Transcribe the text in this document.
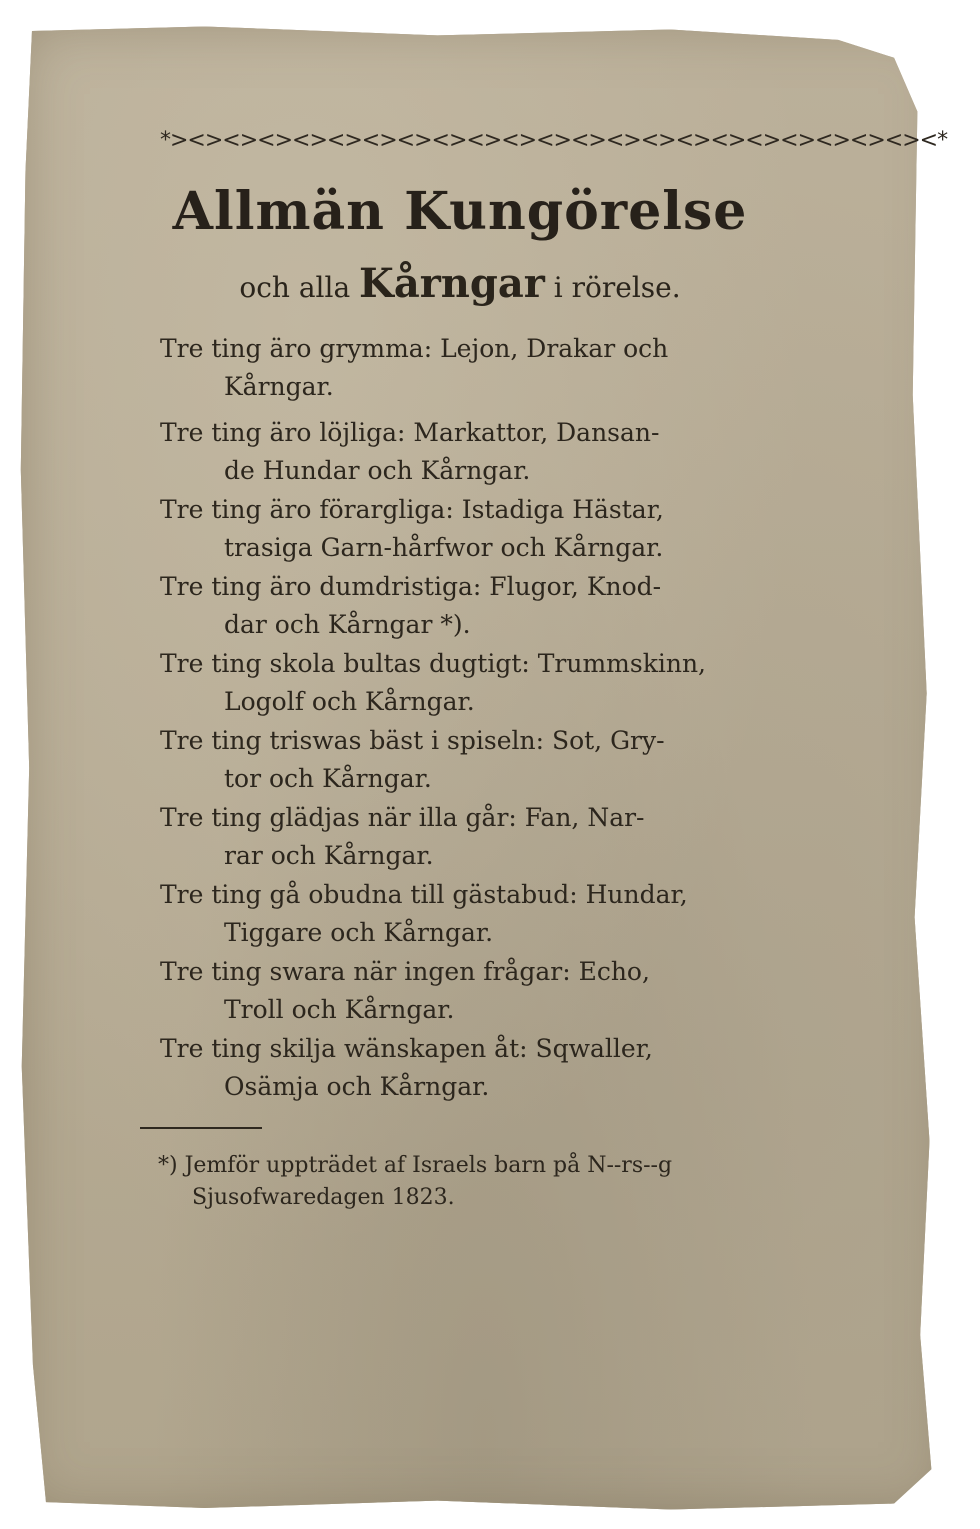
*><><><><><><><><><><><><><><><><><><><><><><*
Allmän Kungörelse
och alla Kårngar i rörelse.

Tre ting äro grymma: Lejon, Drakar och
Kårngar.

Tre ting äro löjliga: Markattor, Dansan-
de Hundar och Kårngar.

Tre ting äro förargliga: Istadiga Hästar,
trasiga Garn-hårfwor och Kårngar.

Tre ting äro dumdristiga: Flugor, Knod-
dar och Kårngar *).

Tre ting skola bultas dugtigt: Trummskinn,
Logolf och Kårngar.

Tre ting triswas bäst i spiseln: Sot, Gry-
tor och Kårngar.

Tre ting glädjas när illa går: Fan, Nar-
rar och Kårngar.

Tre ting gå obudna till gästabud: Hundar,
Tiggare och Kårngar.

Tre ting swara när ingen frågar: Echo,
Troll och Kårngar.

Tre ting skilja wänskapen åt: Sqwaller,
Osämja och Kårngar.

*) Jemför uppträdet af Israels barn på N--rs--g
Sjusofwaredagen 1823.
